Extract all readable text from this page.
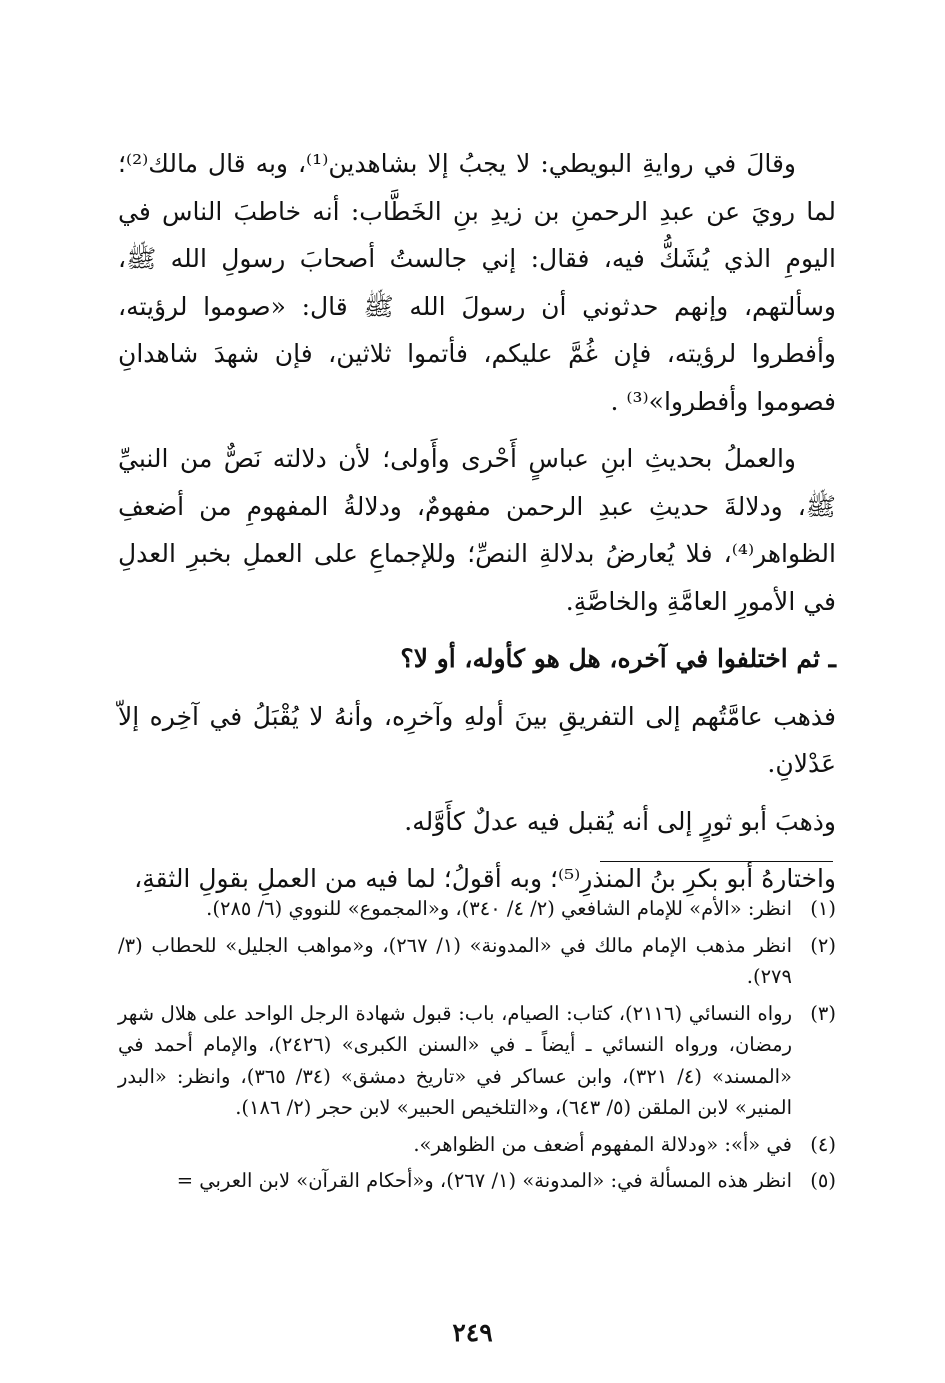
وقالَ في روايةِ البويطي: لا يجبُ إلا بشاهدين⁽¹⁾، وبه قال مالك⁽²⁾؛ لما رويَ عن عبدِ الرحمنِ بن زيدِ بنِ الخَطَّاب: أنه خاطبَ الناس في اليومِ الذي يُشَكُّ فيه، فقال: إني جالستُ أصحابَ رسولِ الله ﷺ، وسألتهم، وإنهم حدثوني أن رسولَ الله ﷺ قال: «صوموا لرؤيته، وأفطروا لرؤيته، فإن غُمَّ عليكم، فأتموا ثلاثين، فإن شهدَ شاهدانِ فصوموا وأفطروا»⁽³⁾ .

والعملُ بحديثِ ابنِ عباسٍ أَحْرى وأَولى؛ لأن دلالته نَصٌّ من النبيِّ ﷺ، ودلالةَ حديثِ عبدِ الرحمن مفهومٌ، ودلالةُ المفهومِ من أضعفِ الظواهر⁽⁴⁾، فلا يُعارضُ بدلالةِ النصِّ؛ وللإجماعِ على العملِ بخبرِ العدلِ في الأمورِ العامَّةِ والخاصَّةِ.

ـ ثم اختلفوا في آخره، هل هو كأوله، أو لا؟

فذهب عامَّتُهم إلى التفريقِ بينَ أولهِ وآخرِه، وأنهُ لا يُقْبَلُ في آخِره إلاّ عَدْلانِ.

وذهبَ أبو ثورٍ إلى أنه يُقبل فيه عدلٌ كأَوَّله.

واختارهُ أبو بكرِ بنُ المنذرِ⁽⁵⁾؛ وبه أقولُ؛ لما فيه من العملِ بقولِ الثقةِ،

(١)
انظر: «الأم» للإمام الشافعي (٢/ ٤/ ٣٤٠)، و«المجموع» للنووي (٦/ ٢٨٥).
(٢)
انظر مذهب الإمام مالك في «المدونة» (١/ ٢٦٧)، و«مواهب الجليل» للحطاب (٣/ ٢٧٩).
(٣)
رواه النسائي (٢١١٦)، كتاب: الصيام، باب: قبول شهادة الرجل الواحد على هلال شهر رمضان، ورواه النسائي ـ أيضاً ـ في «السنن الكبرى» (٢٤٢٦)، والإمام أحمد في «المسند» (٤/ ٣٢١)، وابن عساكر في «تاريخ دمشق» (٣٤/ ٣٦٥)، وانظر: «البدر المنير» لابن الملقن (٥/ ٦٤٣)، و«التلخيص الحبير» لابن حجر (٢/ ١٨٦).
(٤)
في «أ»: «ودلالة المفهوم أضعف من الظواهر».
(٥)
انظر هذه المسألة في: «المدونة» (١/ ٢٦٧)، و«أحكام القرآن» لابن العربي =
٢٤٩
